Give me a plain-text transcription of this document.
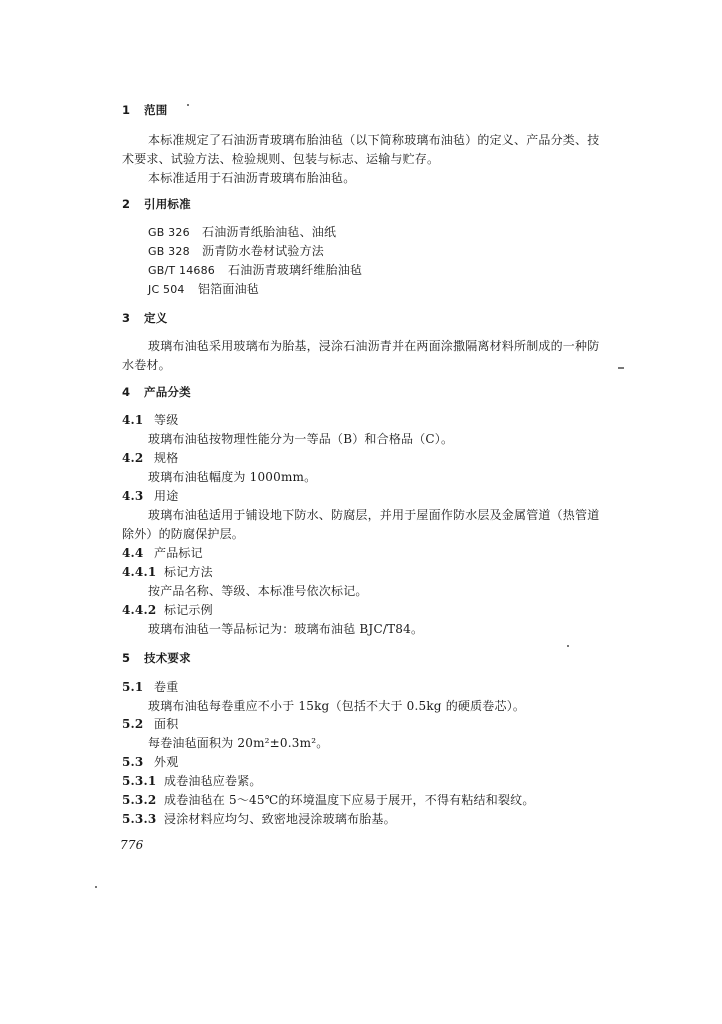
1 范围
本标准规定了石油沥青玻璃布胎油毡（以下简称玻璃布油毡）的定义、产品分类、技
术要求、试验方法、检验规则、包装与标志、运输与贮存。
本标准适用于石油沥青玻璃布胎油毡。
2 引用标准
GB 326 石油沥青纸胎油毡、油纸
GB 328 沥青防水卷材试验方法
GB/T 14686 石油沥青玻璃纤维胎油毡
JC 504 铝箔面油毡
3 定义
玻璃布油毡采用玻璃布为胎基，浸涂石油沥青并在两面涂撒隔离材料所制成的一种防
水卷材。
4 产品分类
4.1 等级
玻璃布油毡按物理性能分为一等品（B）和合格品（C）。
4.2 规格
玻璃布油毡幅度为 1000mm。
4.3 用途
玻璃布油毡适用于铺设地下防水、防腐层，并用于屋面作防水层及金属管道（热管道
除外）的防腐保护层。
4.4 产品标记
4.4.1 标记方法
按产品名称、等级、本标准号依次标记。
4.4.2 标记示例
玻璃布油毡一等品标记为：玻璃布油毡 BJC/T84。
5 技术要求
5.1 卷重
玻璃布油毡每卷重应不小于 15kg（包括不大于 0.5kg 的硬质卷芯）。
5.2 面积
每卷油毡面积为 20m²±0.3m²。
5.3 外观
5.3.1 成卷油毡应卷紧。
5.3.2 成卷油毡在 5～45℃的环境温度下应易于展开，不得有粘结和裂纹。
5.3.3 浸涂材料应均匀、致密地浸涂玻璃布胎基。
776
